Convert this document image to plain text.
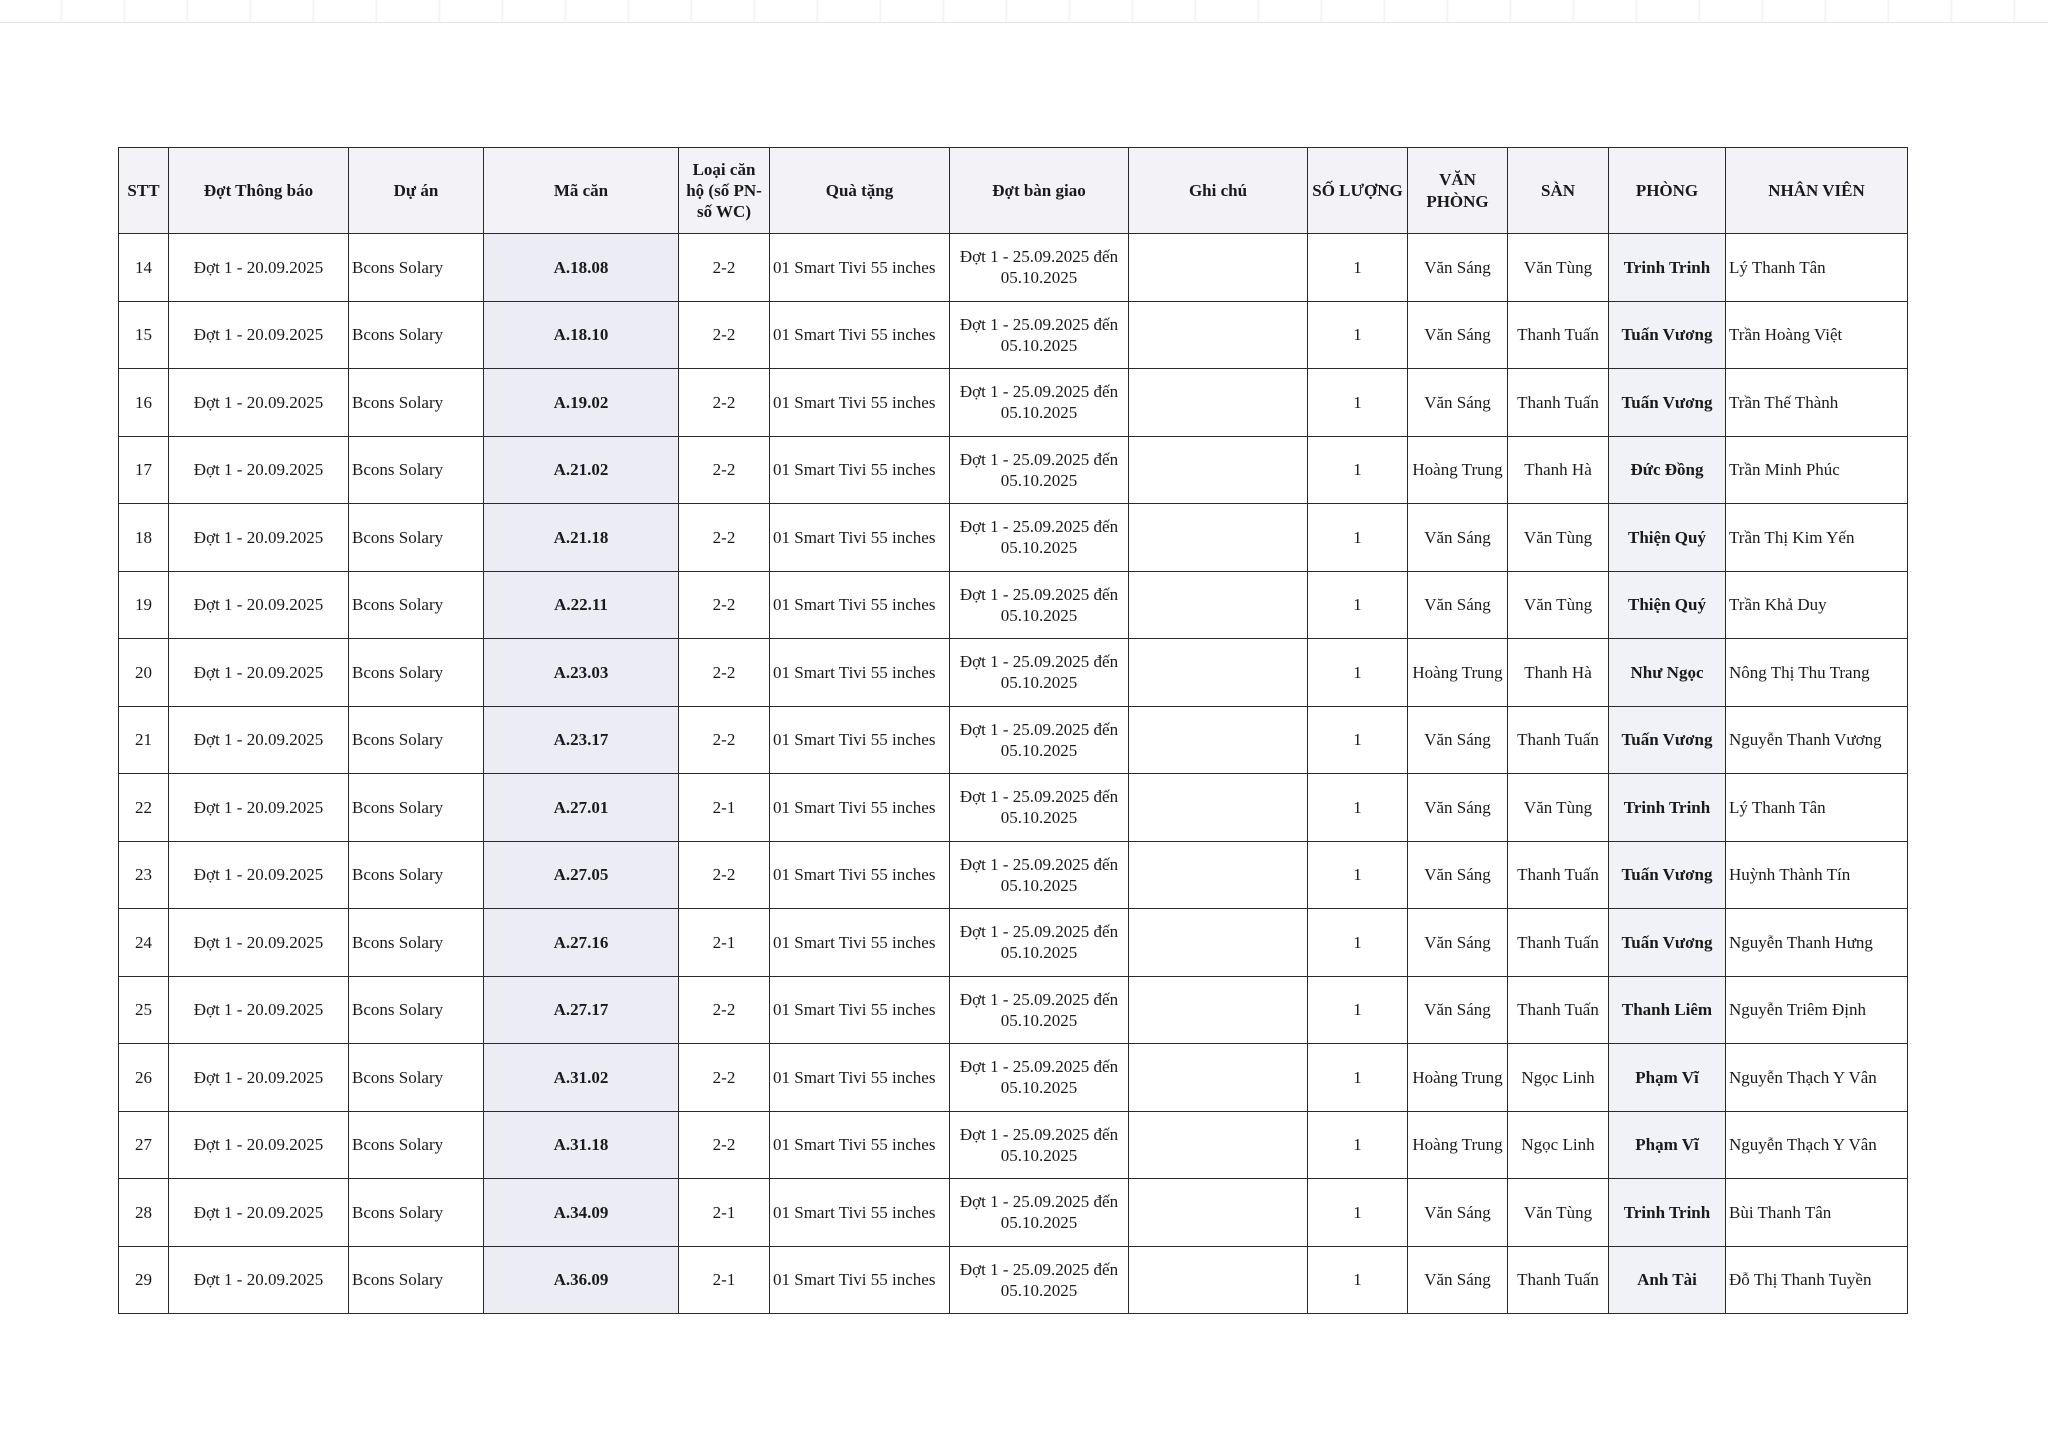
STT	Đợt Thông báo	Dự án	Mã căn	Loại căn hộ (số PN-số WC)	Quà tặng	Đợt bàn giao	Ghi chú	SỐ LƯỢNG	VĂN PHÒNG	SÀN	PHÒNG	NHÂN VIÊN
14	Đợt 1 - 20.09.2025	Bcons Solary	A.18.08	2-2	01 Smart Tivi 55 inches	Đợt 1 - 25.09.2025 đến 05.10.2025		1	Văn Sáng	Văn Tùng	Trinh Trinh	Lý Thanh Tân
15	Đợt 1 - 20.09.2025	Bcons Solary	A.18.10	2-2	01 Smart Tivi 55 inches	Đợt 1 - 25.09.2025 đến 05.10.2025		1	Văn Sáng	Thanh Tuấn	Tuấn Vương	Trần Hoàng Việt
16	Đợt 1 - 20.09.2025	Bcons Solary	A.19.02	2-2	01 Smart Tivi 55 inches	Đợt 1 - 25.09.2025 đến 05.10.2025		1	Văn Sáng	Thanh Tuấn	Tuấn Vương	Trần Thế Thành
17	Đợt 1 - 20.09.2025	Bcons Solary	A.21.02	2-2	01 Smart Tivi 55 inches	Đợt 1 - 25.09.2025 đến 05.10.2025		1	Hoàng Trung	Thanh Hà	Đức Đồng	Trần Minh Phúc
18	Đợt 1 - 20.09.2025	Bcons Solary	A.21.18	2-2	01 Smart Tivi 55 inches	Đợt 1 - 25.09.2025 đến 05.10.2025		1	Văn Sáng	Văn Tùng	Thiện Quý	Trần Thị Kim Yến
19	Đợt 1 - 20.09.2025	Bcons Solary	A.22.11	2-2	01 Smart Tivi 55 inches	Đợt 1 - 25.09.2025 đến 05.10.2025		1	Văn Sáng	Văn Tùng	Thiện Quý	Trần Khả Duy
20	Đợt 1 - 20.09.2025	Bcons Solary	A.23.03	2-2	01 Smart Tivi 55 inches	Đợt 1 - 25.09.2025 đến 05.10.2025		1	Hoàng Trung	Thanh Hà	Như Ngọc	Nông Thị Thu Trang
21	Đợt 1 - 20.09.2025	Bcons Solary	A.23.17	2-2	01 Smart Tivi 55 inches	Đợt 1 - 25.09.2025 đến 05.10.2025		1	Văn Sáng	Thanh Tuấn	Tuấn Vương	Nguyễn Thanh Vương
22	Đợt 1 - 20.09.2025	Bcons Solary	A.27.01	2-1	01 Smart Tivi 55 inches	Đợt 1 - 25.09.2025 đến 05.10.2025		1	Văn Sáng	Văn Tùng	Trinh Trinh	Lý Thanh Tân
23	Đợt 1 - 20.09.2025	Bcons Solary	A.27.05	2-2	01 Smart Tivi 55 inches	Đợt 1 - 25.09.2025 đến 05.10.2025		1	Văn Sáng	Thanh Tuấn	Tuấn Vương	Huỳnh Thành Tín
24	Đợt 1 - 20.09.2025	Bcons Solary	A.27.16	2-1	01 Smart Tivi 55 inches	Đợt 1 - 25.09.2025 đến 05.10.2025		1	Văn Sáng	Thanh Tuấn	Tuấn Vương	Nguyễn Thanh Hưng
25	Đợt 1 - 20.09.2025	Bcons Solary	A.27.17	2-2	01 Smart Tivi 55 inches	Đợt 1 - 25.09.2025 đến 05.10.2025		1	Văn Sáng	Thanh Tuấn	Thanh Liêm	Nguyễn Triêm Định
26	Đợt 1 - 20.09.2025	Bcons Solary	A.31.02	2-2	01 Smart Tivi 55 inches	Đợt 1 - 25.09.2025 đến 05.10.2025		1	Hoàng Trung	Ngọc Linh	Phạm Vĩ	Nguyễn Thạch Y Vân
27	Đợt 1 - 20.09.2025	Bcons Solary	A.31.18	2-2	01 Smart Tivi 55 inches	Đợt 1 - 25.09.2025 đến 05.10.2025		1	Hoàng Trung	Ngọc Linh	Phạm Vĩ	Nguyễn Thạch Y Vân
28	Đợt 1 - 20.09.2025	Bcons Solary	A.34.09	2-1	01 Smart Tivi 55 inches	Đợt 1 - 25.09.2025 đến 05.10.2025		1	Văn Sáng	Văn Tùng	Trinh Trinh	Bùi Thanh Tân
29	Đợt 1 - 20.09.2025	Bcons Solary	A.36.09	2-1	01 Smart Tivi 55 inches	Đợt 1 - 25.09.2025 đến 05.10.2025		1	Văn Sáng	Thanh Tuấn	Anh Tài	Đỗ Thị Thanh Tuyền
